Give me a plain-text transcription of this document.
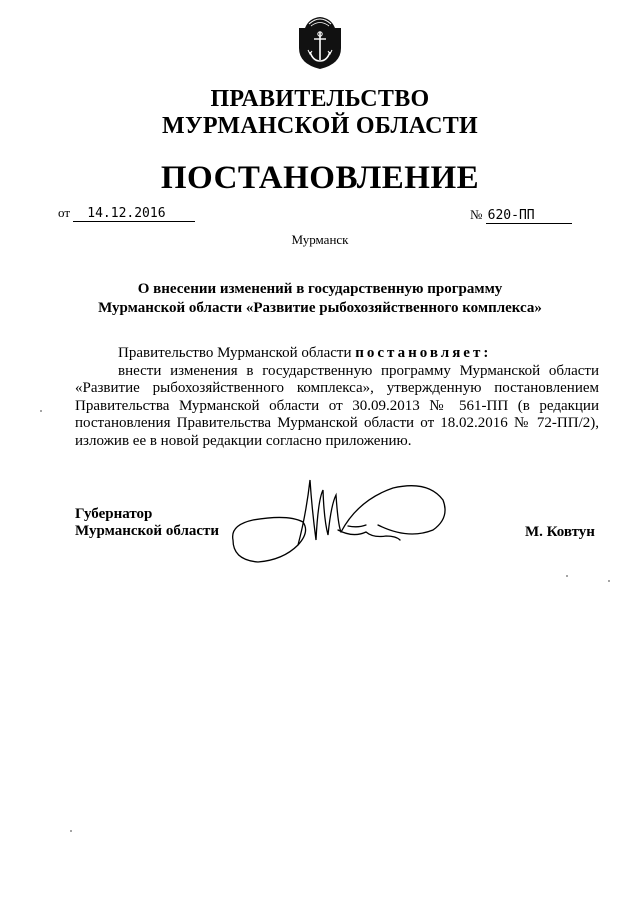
ПРАВИТЕЛЬСТВО
МУРМАНСКОЙ ОБЛАСТИ
ПОСТАНОВЛЕНИЕ
от 14.12.2016	№ 620-ПП
Мурманск
О внесении изменений в государственную программу
Мурманской области «Развитие рыбохозяйственного комплекса»

Правительство Мурманской области постановляет:

внести изменения в государственную программу Мурманской области «Развитие рыбохозяйственного комплекса», утвержденную постановлением Правительства Мурманской области от 30.09.2013 № 561-ПП (в редакции постановления Правительства Мурманской области от 18.02.2016 № 72-ПП/2), изложив ее в новой редакции согласно приложению.

Губернатор
Мурманской области	М. Ковтун
